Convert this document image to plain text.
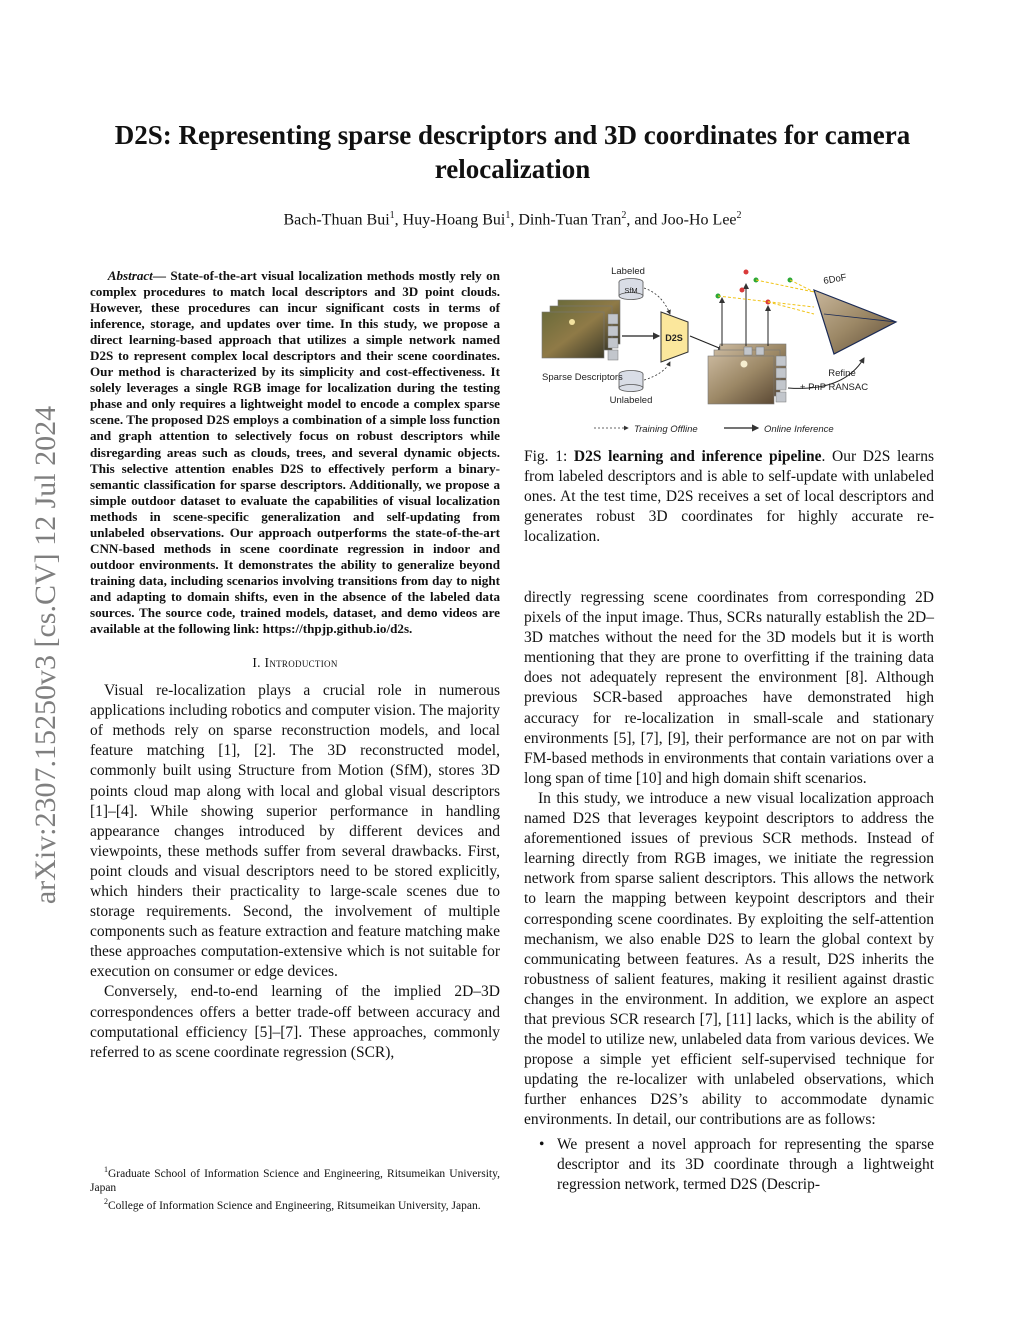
arXiv:2307.15250v3 [cs.CV] 12 Jul 2024
D2S: Representing sparse descriptors and 3D coordinates for camera relocalization
Bach-Thuan Bui$^1$, Huy-Hoang Bui$^1$, Dinh-Tuan Tran$^2$, and Joo-Ho Lee$^2$

Abstract— State-of-the-art visual localization methods mostly rely on complex procedures to match local descriptors and 3D point clouds. However, these procedures can incur significant costs in terms of inference, storage, and updates over time. In this study, we propose a direct learning-based approach that utilizes a simple network named D2S to represent complex local descriptors and their scene coordinates. Our method is characterized by its simplicity and cost-effectiveness. It solely leverages a single RGB image for localization during the testing phase and only requires a lightweight model to encode a complex sparse scene. The proposed D2S employs a combination of a simple loss function and graph attention to selectively focus on robust descriptors while disregarding areas such as clouds, trees, and several dynamic objects. This selective attention enables D2S to effectively perform a binary-semantic classification for sparse descriptors. Additionally, we propose a simple outdoor dataset to evaluate the capabilities of visual localization methods in scene-specific generalization and self-updating from unlabeled observations. Our approach outperforms the state-of-the-art CNN-based methods in scene coordinate regression in indoor and outdoor environments. It demonstrates the ability to generalize beyond training data, including scenarios involving transitions from day to night and adapting to domain shifts, even in the absence of the labeled data sources. The source code, trained models, dataset, and demo videos are available at the following link: https://thpjp.github.io/d2s.

I. Introduction

Visual re-localization plays a crucial role in numerous applications including robotics and computer vision. The majority of methods rely on sparse reconstruction models, and local feature matching [1], [2]. The 3D reconstructed model, commonly built using Structure from Motion (SfM), stores 3D points cloud map along with local and global visual descriptors [1]–[4]. While showing superior performance in handling appearance changes introduced by different devices and viewpoints, these methods suffer from several drawbacks. First, point clouds and visual descriptors need to be stored explicitly, which hinders their practicality to large-scale scenes due to storage requirements. Second, the involvement of multiple components such as feature extraction and feature matching make these approaches computation-extensive which is not suitable for execution on consumer or edge devices.

Conversely, end-to-end learning of the implied 2D–3D correspondences offers a better trade-off between accuracy and computational efficiency [5]–[7]. These approaches, commonly referred to as scene coordinate regression (SCR),

$^1$Graduate School of Information Science and Engineering, Ritsumeikan University, Japan

$^2$College of Information Science and Engineering, Ritsumeikan University, Japan.

Labeled
SfM
Unlabeled
Sparse Descriptors
D2S
6DoF
Refine
+ PnP RANSAC
Training Offline	Online Inference

Fig. 1: D2S learning and inference pipeline. Our D2S learns from labeled descriptors and is able to self-update with unlabeled ones. At the test time, D2S receives a set of local descriptors and generates robust 3D coordinates for highly accurate re-localization.

directly regressing scene coordinates from corresponding 2D pixels of the input image. Thus, SCRs naturally establish the 2D–3D matches without the need for the 3D models but it is worth mentioning that they are prone to overfitting if the training data does not adequately represent the environment [8]. Although previous SCR-based approaches have demonstrated high accuracy for re-localization in small-scale and stationary environments [5], [7], [9], their performance are not on par with FM-based methods in environments that contain variations over a long span of time [10] and high domain shift scenarios.

In this study, we introduce a new visual localization approach named D2S that leverages keypoint descriptors to address the aforementioned issues of previous SCR methods. Instead of learning directly from RGB images, we initiate the regression network from sparse salient descriptors. This allows the network to learn the mapping between keypoint descriptors and their corresponding scene coordinates. By exploiting the self-attention mechanism, we also enable D2S to learn the global context by communicating between features. As a result, D2S inherits the robustness of salient features, making it resilient against drastic changes in the environment. In addition, we explore an aspect that previous SCR research [7], [11] lacks, which is the ability of the model to utilize new, unlabeled data from various devices. We propose a simple yet efficient self-supervised technique for updating the re-localizer with unlabeled observations, which further enhances D2S’s ability to accommodate dynamic environments. In detail, our contributions are as follows:

• We present a novel approach for representing the sparse descriptor and its 3D coordinate through a lightweight regression network, termed D2S (Descrip-
